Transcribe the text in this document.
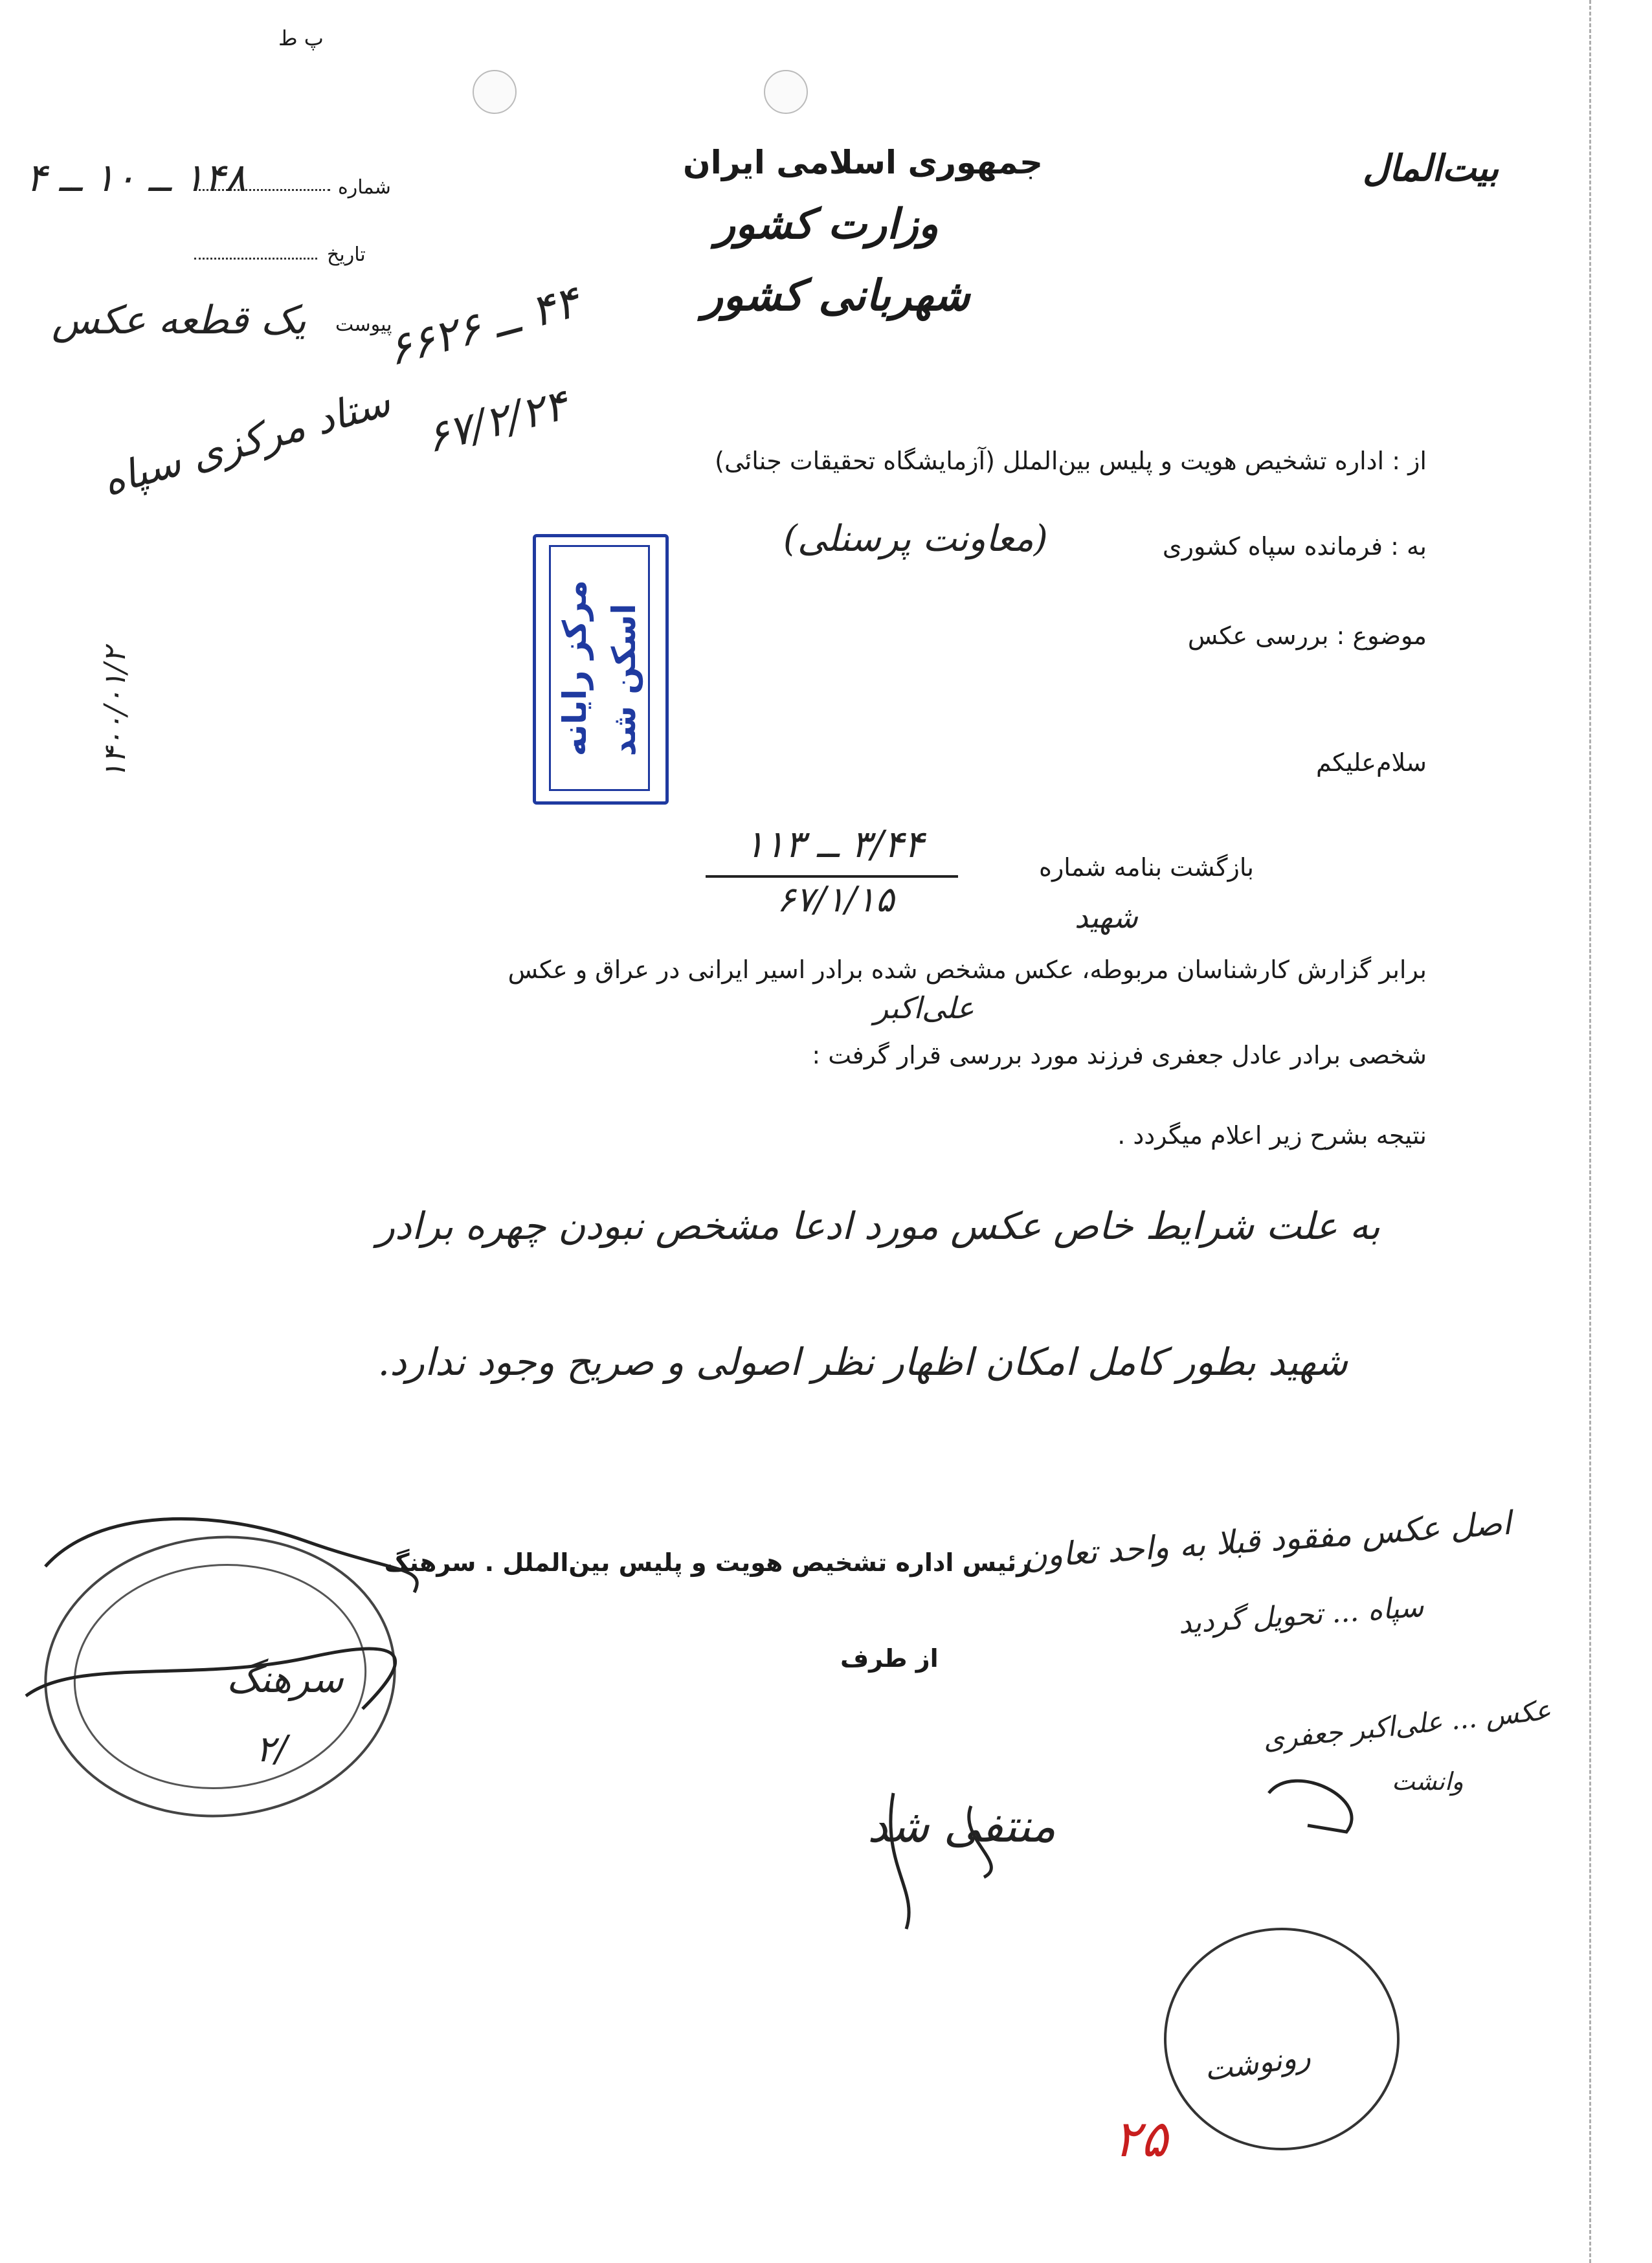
پ ط
بیت‌المال
جمهوری اسلامی ایران
وزارت کشور
شهربانی کشور
شماره
۱۴۸ ــ ۱۰ ــ ۴
تاریخ
پیوست
یک قطعه عکس ۴۴ ــ ۶۶۲۶
۶۷/۲/۲۴
ستاد مرکزی سپاه
۱۴۰۰/۰۱/۲	مرکز رایانه اسکن شد
از : اداره تشخیص هویت و پلیس بین‌الملل (آزمایشگاه تحقیقات جنائی)
به : فرمانده سپاه کشوری
(معاونت پرسنلی)
موضوع : بررسی عکس
سلام‌علیکم
بازگشت بنامه شماره
۳/۴۴ ــ ۱۱۳
۶۷/۱/۱۵
برابر گزارش کارشناسان مربوطه، عکس مشخص شده برادر اسیر ایرانی در عراق و عکس
شهید
شخصی برادر عادل جعفری فرزند مورد بررسی قرار گرفت :
علی‌اکبر
نتیجه بشرح زیر اعلام میگردد .
به علت شرایط خاص عکس مورد ادعا مشخص نبودن چهره برادر
شهید بطور کامل امکان اظهار نظر اصولی و صریح وجود ندارد.
رئیس اداره تشخیص هویت و پلیس بین‌الملل . سرهنگ
از طرف
سرهنگ
۲/
اصل عکس مفقود قبلا به واحد تعاون
سپاه ... تحویل گردید
عکس ... علی‌اکبر جعفری
وانشت
منتفی شد
رونوشت
۲۵
